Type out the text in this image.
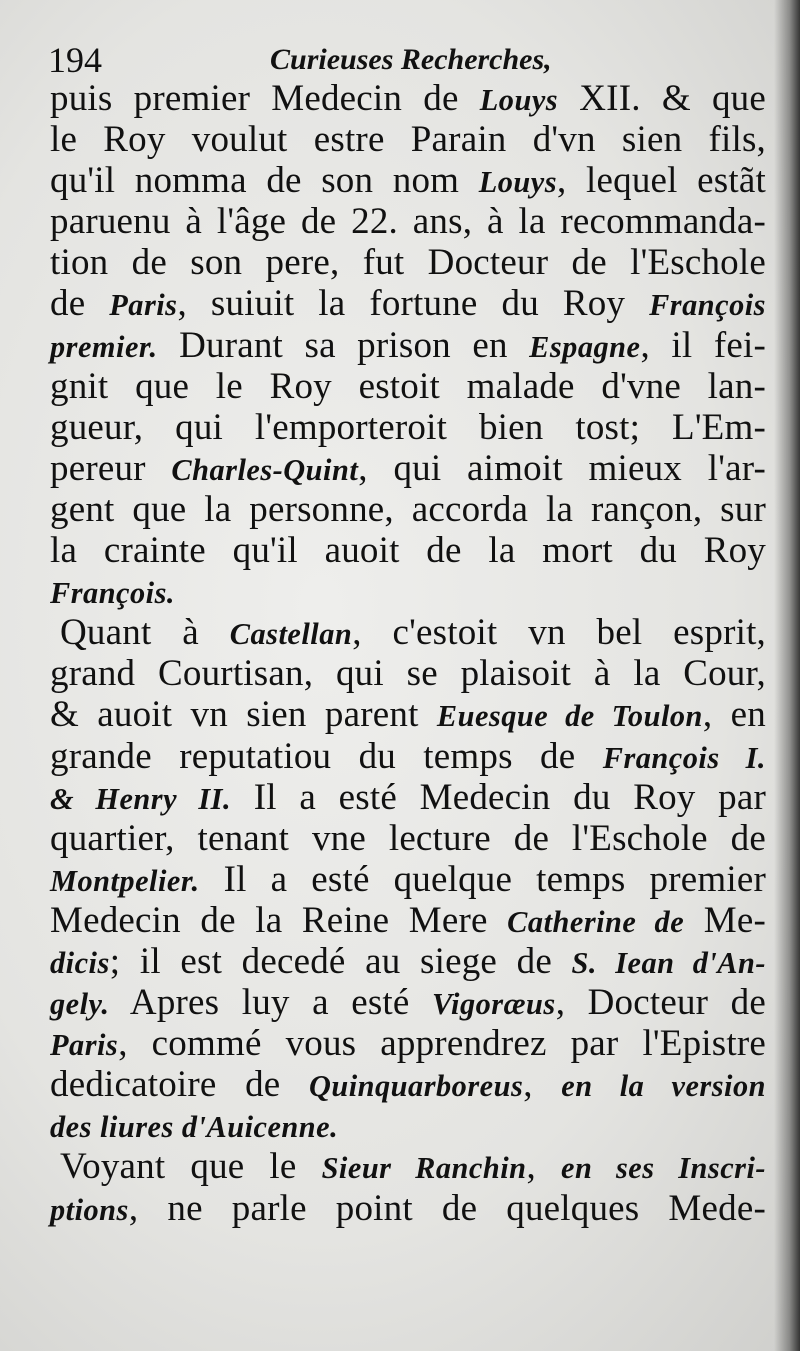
194	Curieuses Recherches,
puis premier Medecin de Louys XII. & que
le Roy voulut estre Parain d'vn sien fils,
qu'il nomma de son nom Louys, lequel estãt
paruenu à l'âge de 22. ans, à la recommanda-
tion de son pere, fut Docteur de l'Eschole
de Paris, suiuit la fortune du Roy François
premier. Durant sa prison en Espagne, il fei-
gnit que le Roy estoit malade d'vne lan-
gueur, qui l'emporteroit bien tost; L'Em-
pereur Charles-Quint, qui aimoit mieux l'ar-
gent que la personne, accorda la rançon, sur
la crainte qu'il auoit de la mort du Roy
François.
Quant à Castellan, c'estoit vn bel esprit,
grand Courtisan, qui se plaisoit à la Cour,
& auoit vn sien parent Euesque de Toulon, en
grande reputatiou du temps de François I.
& Henry II. Il a esté Medecin du Roy par
quartier, tenant vne lecture de l'Eschole de
Montpelier. Il a esté quelque temps premier
Medecin de la Reine Mere Catherine de Me-
dicis; il est decedé au siege de S. Iean d'An-
gely. Apres luy a esté Vigoræus, Docteur de
Paris, commé vous apprendrez par l'Epistre
dedicatoire de Quinquarboreus, en la version
des liures d'Auicenne.
Voyant que le Sieur Ranchin, en ses Inscri-
ptions, ne parle point de quelques Mede-
